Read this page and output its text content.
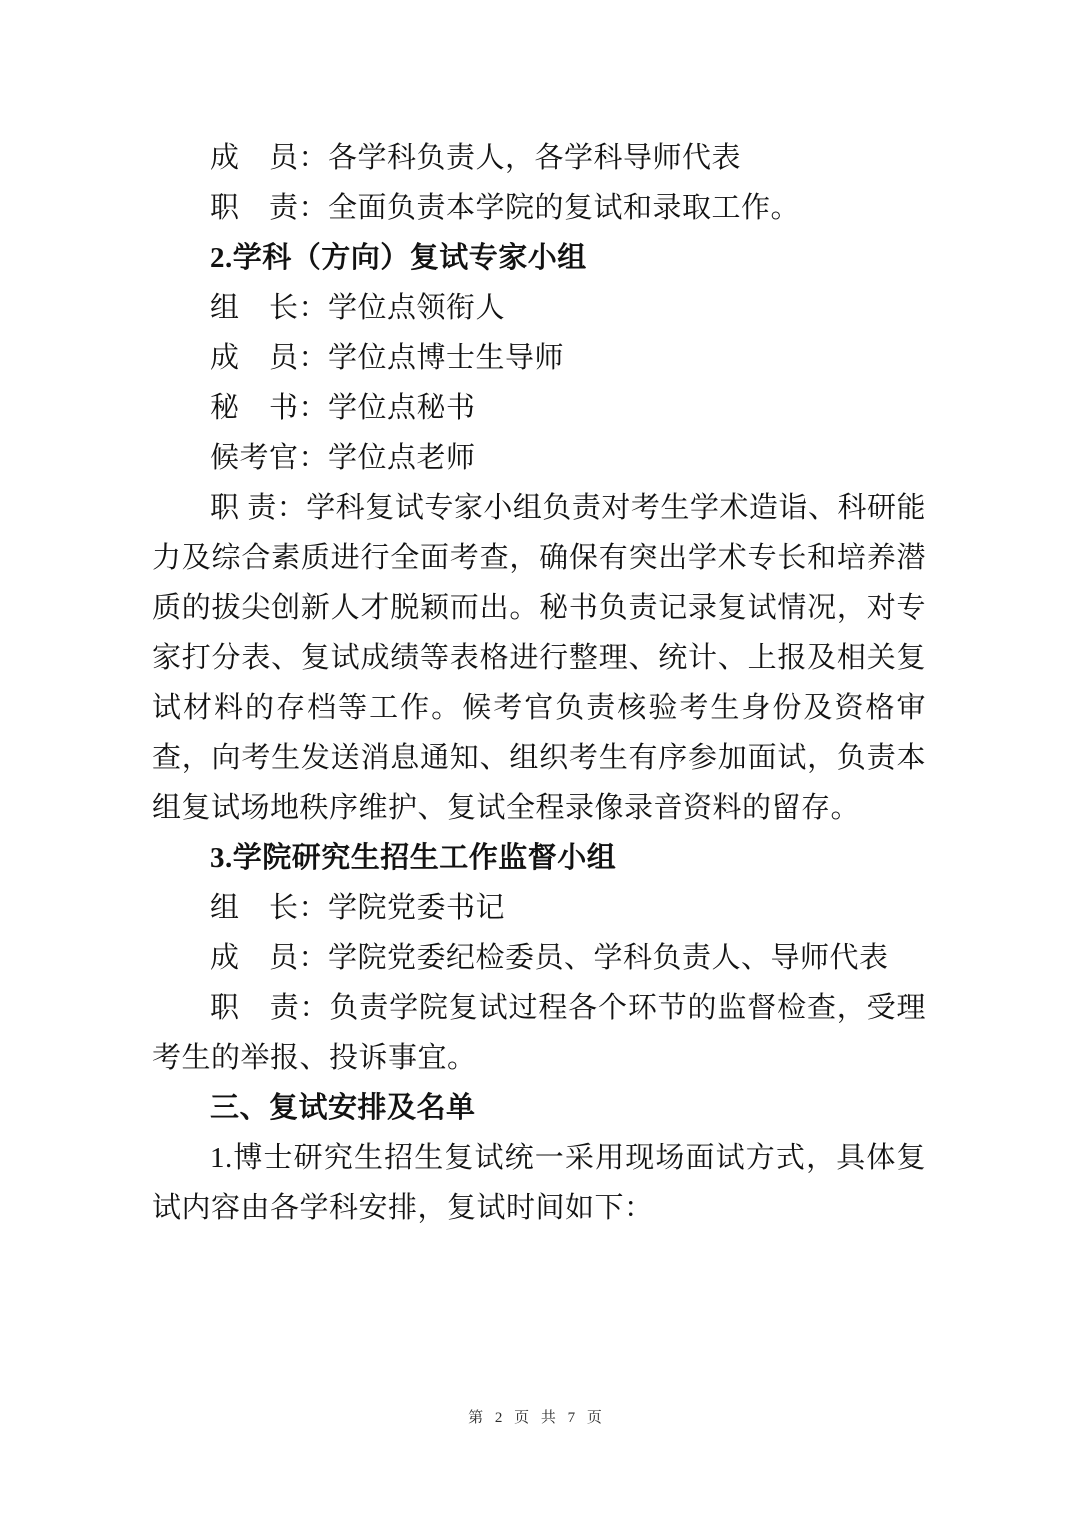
成　员：各学科负责人，各学科导师代表

职　责：全面负责本学院的复试和录取工作。

2.学科（方向）复试专家小组

组　长：学位点领衔人

成　员：学位点博士生导师

秘　书：学位点秘书

候考官：学位点老师

职 责：学科复试专家小组负责对考生学术造诣、科研能力及综合素质进行全面考查，确保有突出学术专长和培养潜质的拔尖创新人才脱颖而出。秘书负责记录复试情况，对专家打分表、复试成绩等表格进行整理、统计、上报及相关复试材料的存档等工作。候考官负责核验考生身份及资格审查，向考生发送消息通知、组织考生有序参加面试，负责本组复试场地秩序维护、复试全程录像录音资料的留存。

3.学院研究生招生工作监督小组

组　长：学院党委书记

成　员：学院党委纪检委员、学科负责人、导师代表

职　责：负责学院复试过程各个环节的监督检查，受理考生的举报、投诉事宜。

三、复试安排及名单

1.博士研究生招生复试统一采用现场面试方式，具体复试内容由各学科安排，复试时间如下：

第 2 页 共 7 页
